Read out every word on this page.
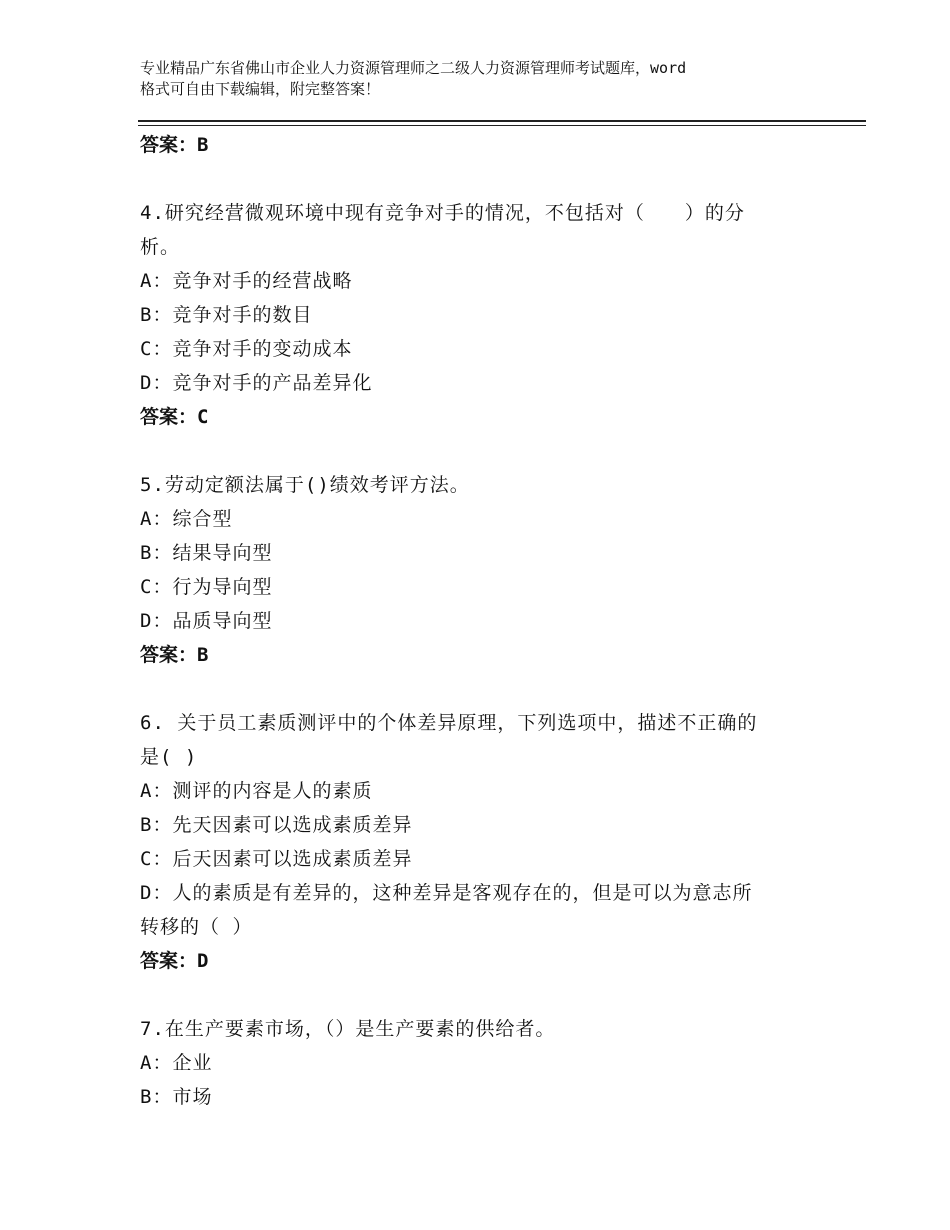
专业精品广东省佛山市企业人力资源管理师之二级人力资源管理师考试题库，word
格式可自由下载编辑，附完整答案！
答案：B
4.研究经营微观环境中现有竞争对手的情况，不包括对（　　）的分
析。
A：竞争对手的经营战略
B：竞争对手的数目
C：竞争对手的变动成本
D：竞争对手的产品差异化
答案：C
5.劳动定额法属于()绩效考评方法。
A：综合型
B：结果导向型
C：行为导向型
D：品质导向型
答案：B
6. 关于员工素质测评中的个体差异原理，下列选项中，描述不正确的
是( )
A：测评的内容是人的素质
B：先天因素可以选成素质差异
C：后天因素可以选成素质差异
D：人的素质是有差异的，这种差异是客观存在的，但是可以为意志所
转移的（ ）
答案：D
7.在生产要素市场，（）是生产要素的供给者。
A：企业
B：市场
